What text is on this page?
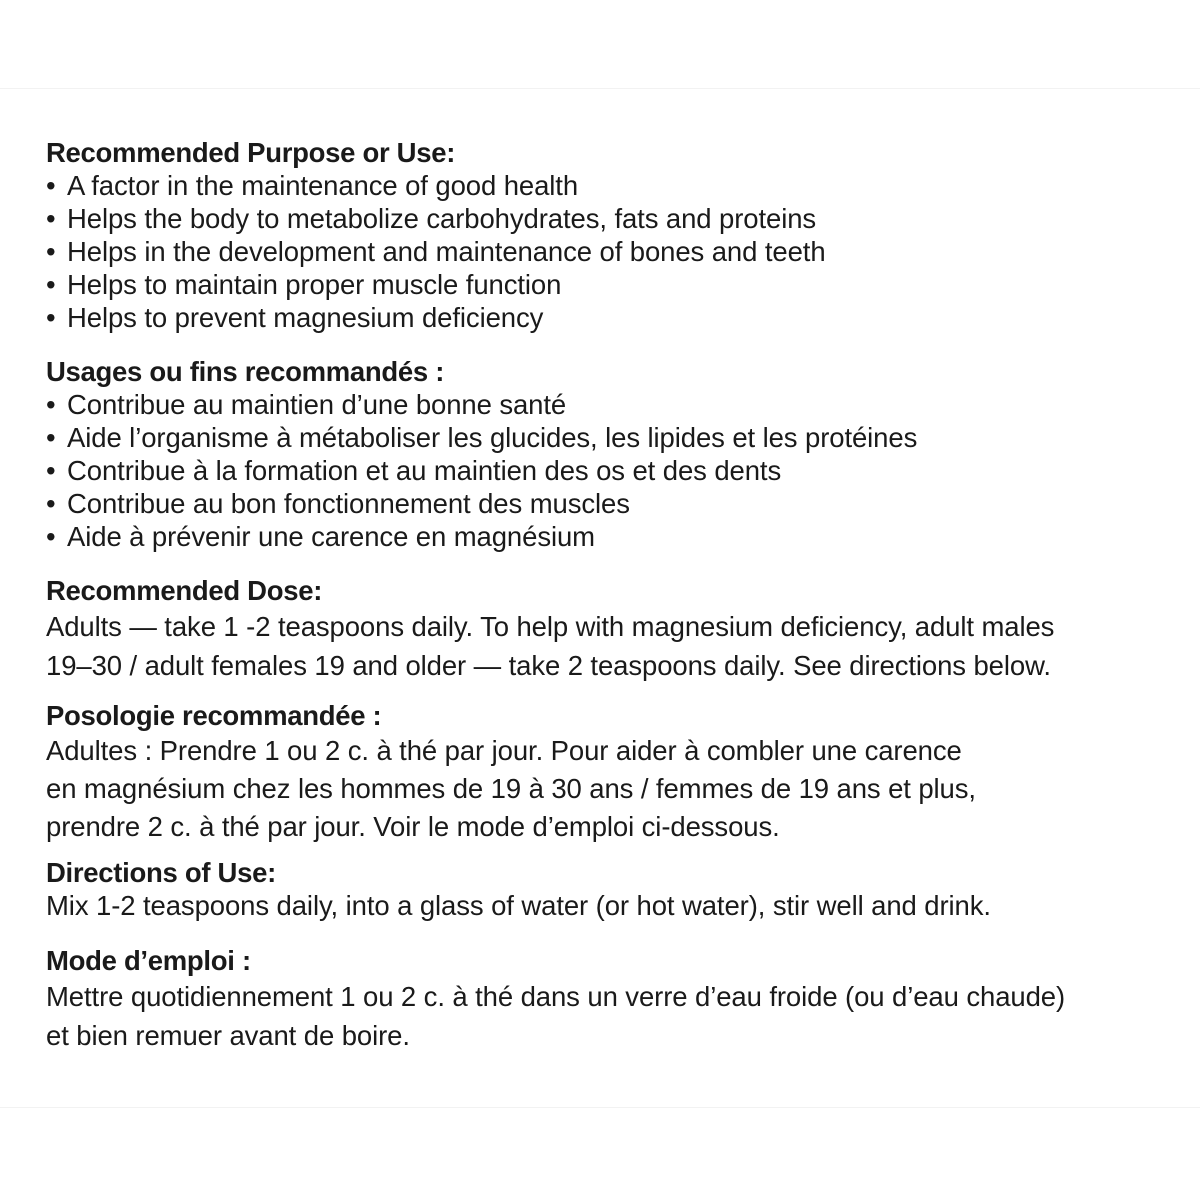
Recommended Purpose or Use:

• A factor in the maintenance of good health
• Helps the body to metabolize carbohydrates, fats and proteins
• Helps in the development and maintenance of bones and teeth
• Helps to maintain proper muscle function
• Helps to prevent magnesium deficiency

Usages ou fins recommandés :

• Contribue au maintien d’une bonne santé
• Aide l’organisme à métaboliser les glucides, les lipides et les protéines
• Contribue à la formation et au maintien des os et des dents
• Contribue au bon fonctionnement des muscles
• Aide à prévenir une carence en magnésium

Recommended Dose:

Adults — take 1 -2 teaspoons daily. To help with magnesium deficiency, adult males
19–30 / adult females 19 and older — take 2 teaspoons daily. See directions below.

Posologie recommandée :

Adultes : Prendre 1 ou 2 c. à thé par jour. Pour aider à combler une carence
en magnésium chez les hommes de 19 à 30 ans / femmes de 19 ans et plus,
prendre 2 c. à thé par jour. Voir le mode d’emploi ci-dessous.

Directions of Use:

Mix 1-2 teaspoons daily, into a glass of water (or hot water), stir well and drink.

Mode d’emploi :

Mettre quotidiennement 1 ou 2 c. à thé dans un verre d’eau froide (ou d’eau chaude)
et bien remuer avant de boire.
